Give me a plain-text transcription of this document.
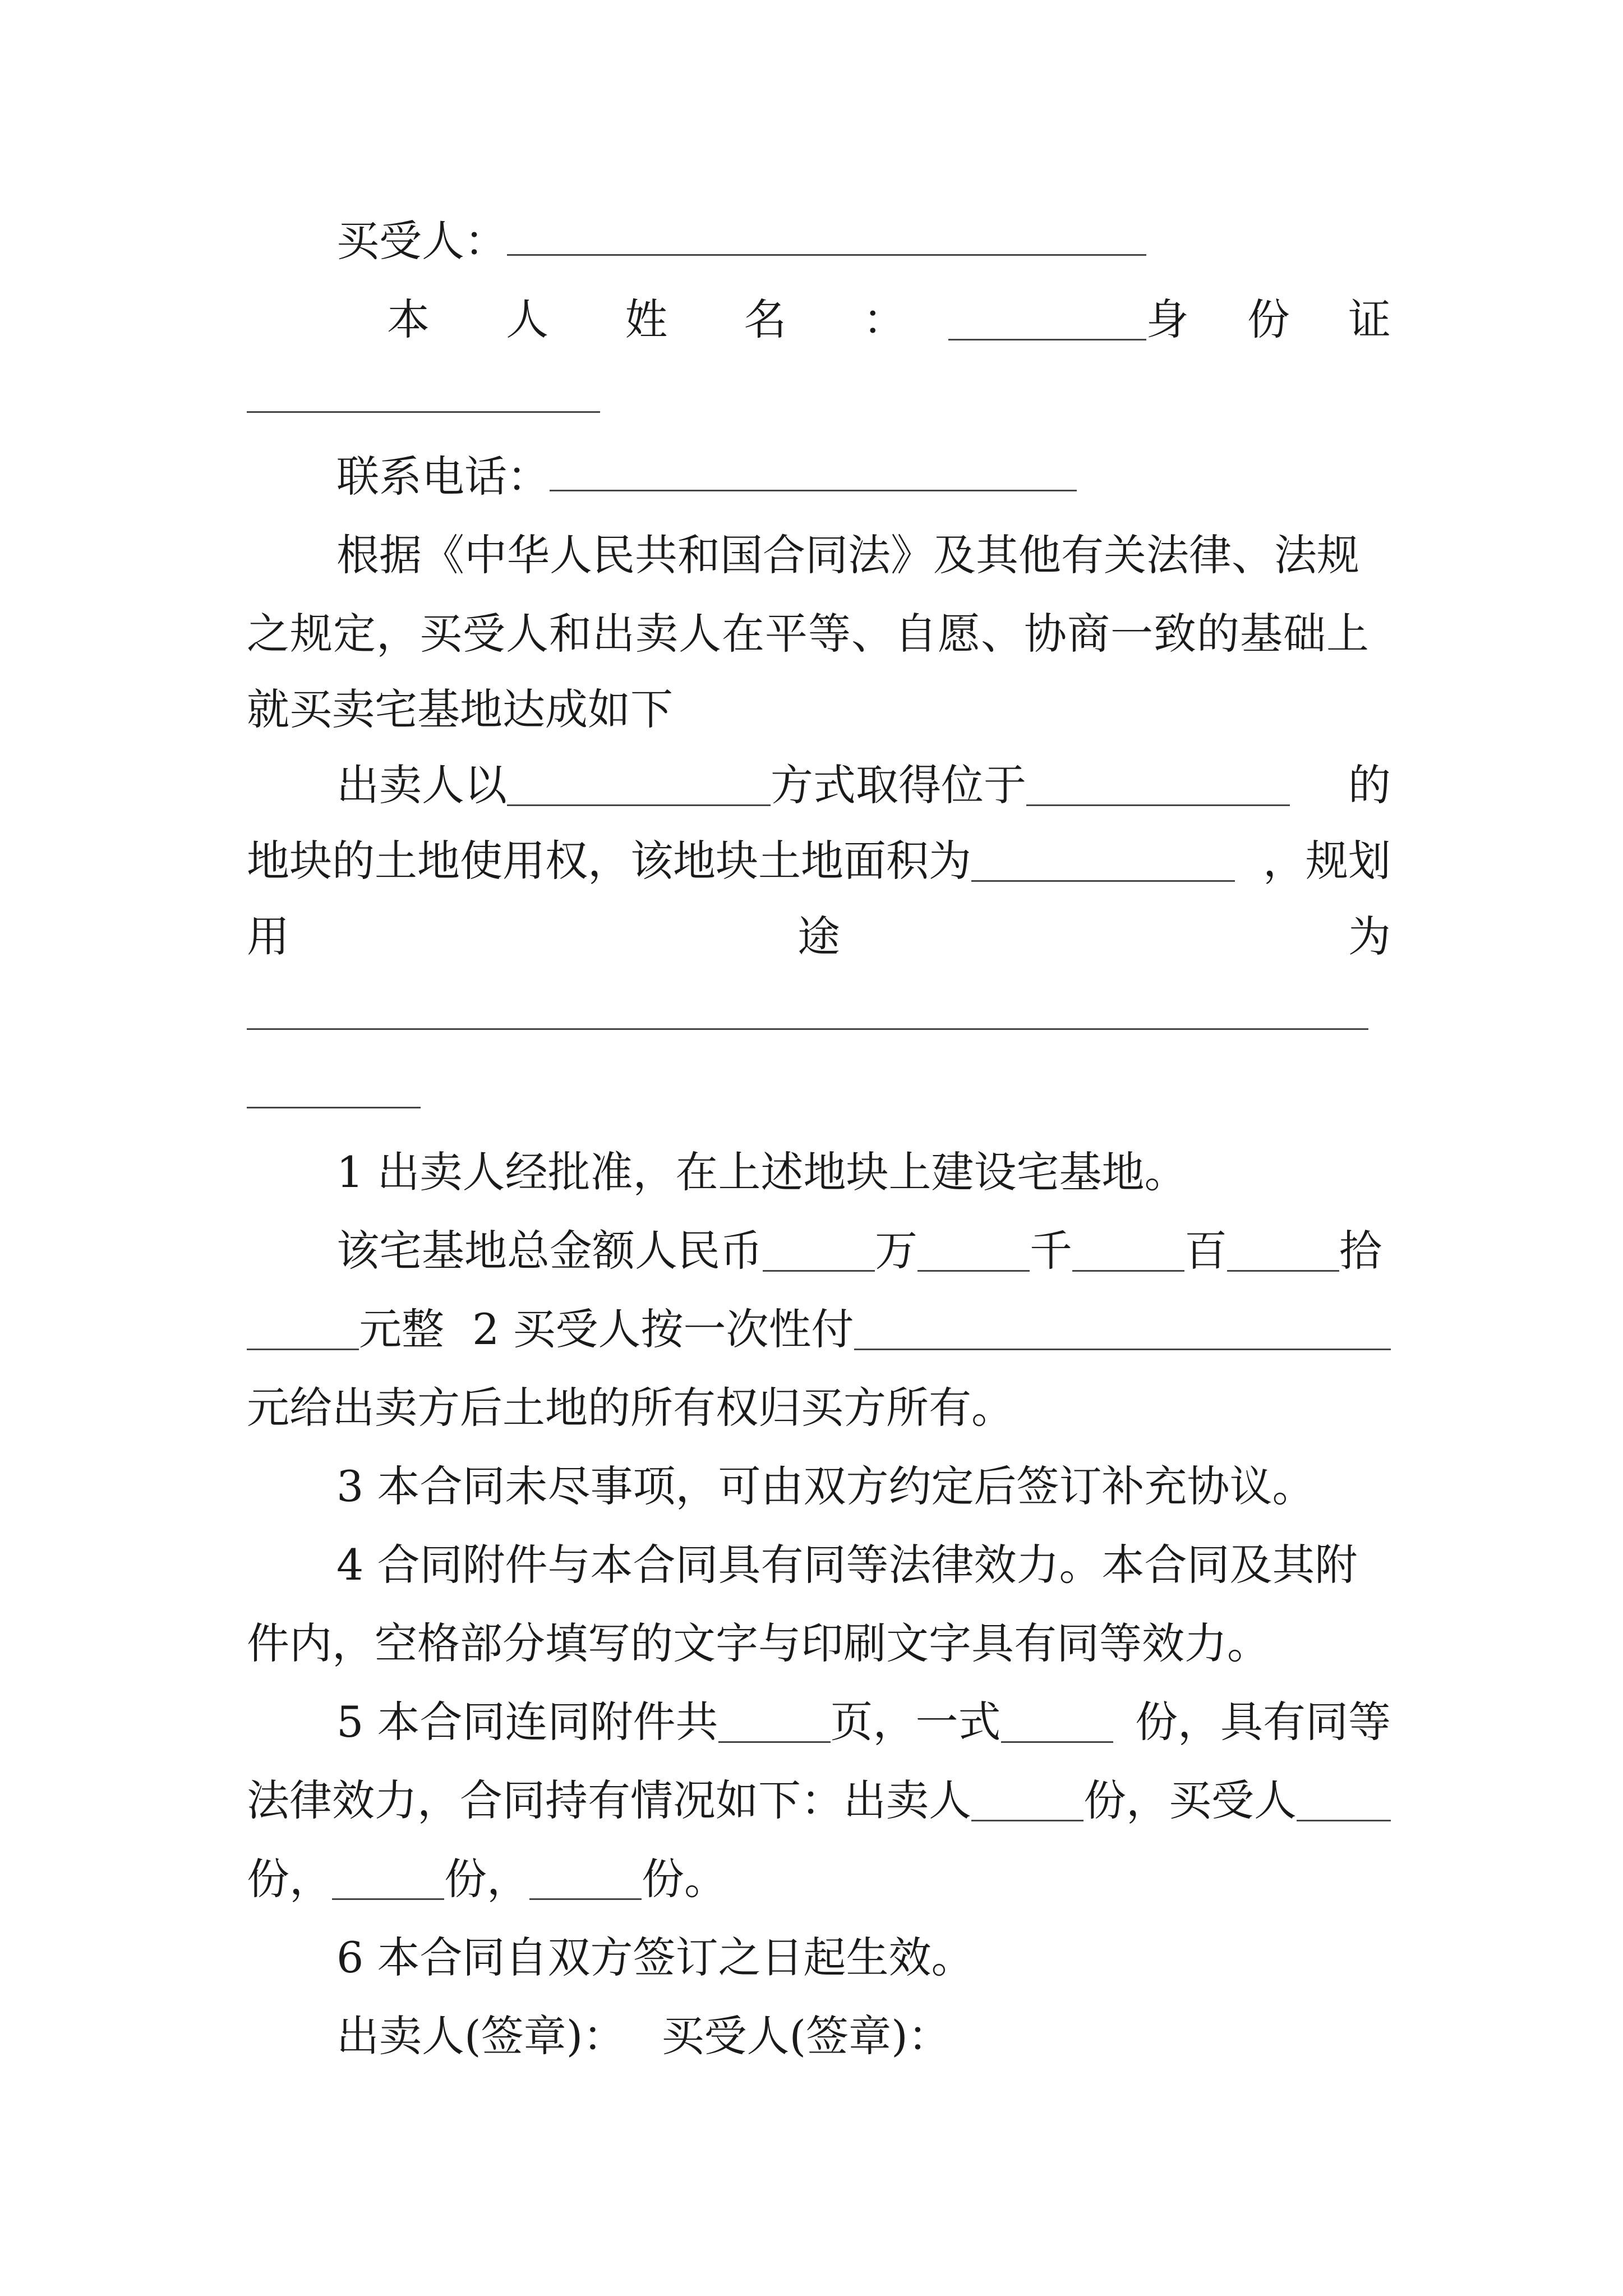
买受人：
本 人 姓 名 ：	身 份 证
联系电话：
根据《中华人民共和国合同法》及其他有关法律、法规
之规定，买受人和出卖人在平等、自愿、协商一致的基础上
就买卖宅基地达成如下
出卖人以	方式取得位于	的
地块的土地使用权，该地块土地面积为	，规划
用	途	为
1 出卖人经批准，在上述地块上建设宅基地。
该宅基地总金额人民币	万	千	百	拾
元整 2 买受人按一次性付
元给出卖方后土地的所有权归买方所有。
3 本合同未尽事项，可由双方约定后签订补充协议。
4 合同附件与本合同具有同等法律效力。本合同及其附
件内，空格部分填写的文字与印刷文字具有同等效力。
5 本合同连同附件共	页，一式	份，具有同等
法律效力，合同持有情况如下：出卖人	份，买受人
份，	份，	份。
6 本合同自双方签订之日起生效。
出卖人(签章)： 买受人(签章)：
